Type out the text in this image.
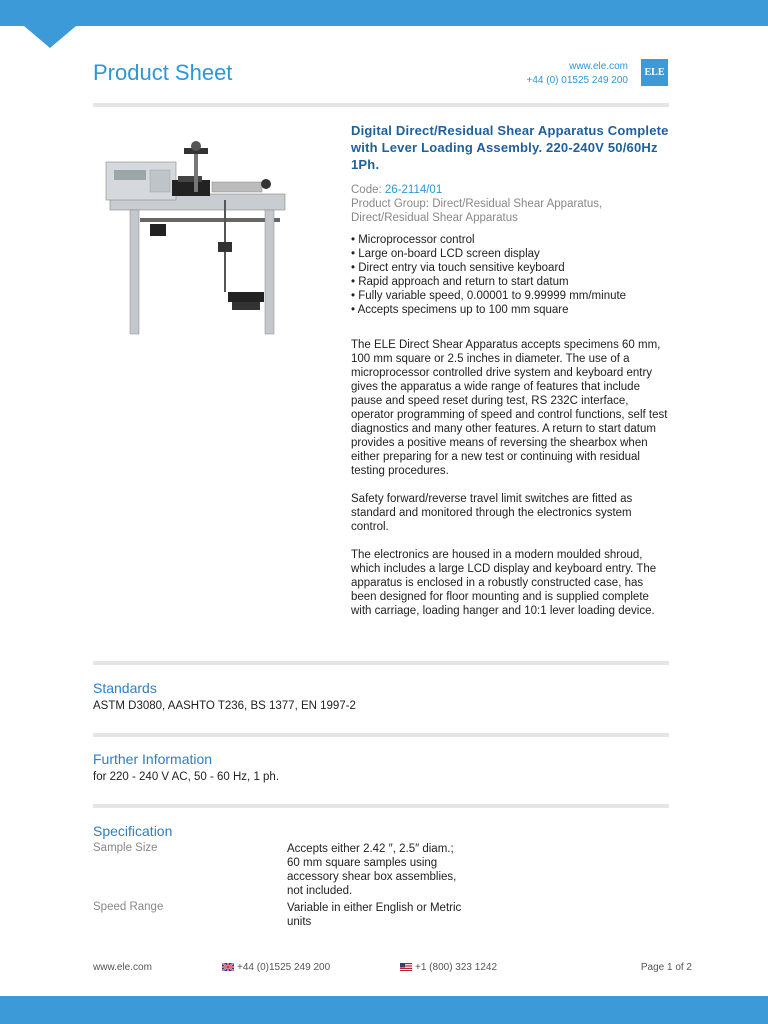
Product Sheet	www.ele.com
+44 (0) 01525 249 200
ELE
Digital Direct/Residual Shear Apparatus Complete with Lever Loading Assembly. 220-240V 50/60Hz 1Ph.
Code: 26-2114/01
Product Group: Direct/Residual Shear Apparatus,
Direct/Residual Shear Apparatus
• Microprocessor control
• Large on-board LCD screen display
• Direct entry via touch sensitive keyboard
• Rapid approach and return to start datum
• Fully variable speed, 0.00001 to 9.99999 mm/minute
• Accepts specimens up to 100 mm square

The ELE Direct Shear Apparatus accepts specimens 60 mm, 100 mm square or 2.5 inches in diameter. The use of a microprocessor controlled drive system and keyboard entry gives the apparatus a wide range of features that include pause and speed reset during test, RS 232C interface, operator programming of speed and control functions, self test diagnostics and many other features. A return to start datum provides a positive means of reversing the shearbox when either preparing for a new test or continuing with residual testing procedures.

Safety forward/reverse travel limit switches are fitted as standard and monitored through the electronics system control.

The electronics are housed in a modern moulded shroud, which includes a large LCD display and keyboard entry. The apparatus is enclosed in a robustly constructed case, has been designed for floor mounting and is supplied complete with carriage, loading hanger and 10:1 lever loading device.

Standards
ASTM D3080, AASHTO T236, BS 1377, EN 1997-2
Further Information
for 220 - 240 V AC, 50 - 60 Hz, 1 ph.
Specification
Sample Size	Accepts either 2.42 ″, 2.5″ diam.; 60 mm square samples using accessory shear box assemblies, not included.
Speed Range	Variable in either English or Metric units
www.ele.com	+44 (0)1525 249 200	+1 (800) 323 1242	Page 1 of 2
